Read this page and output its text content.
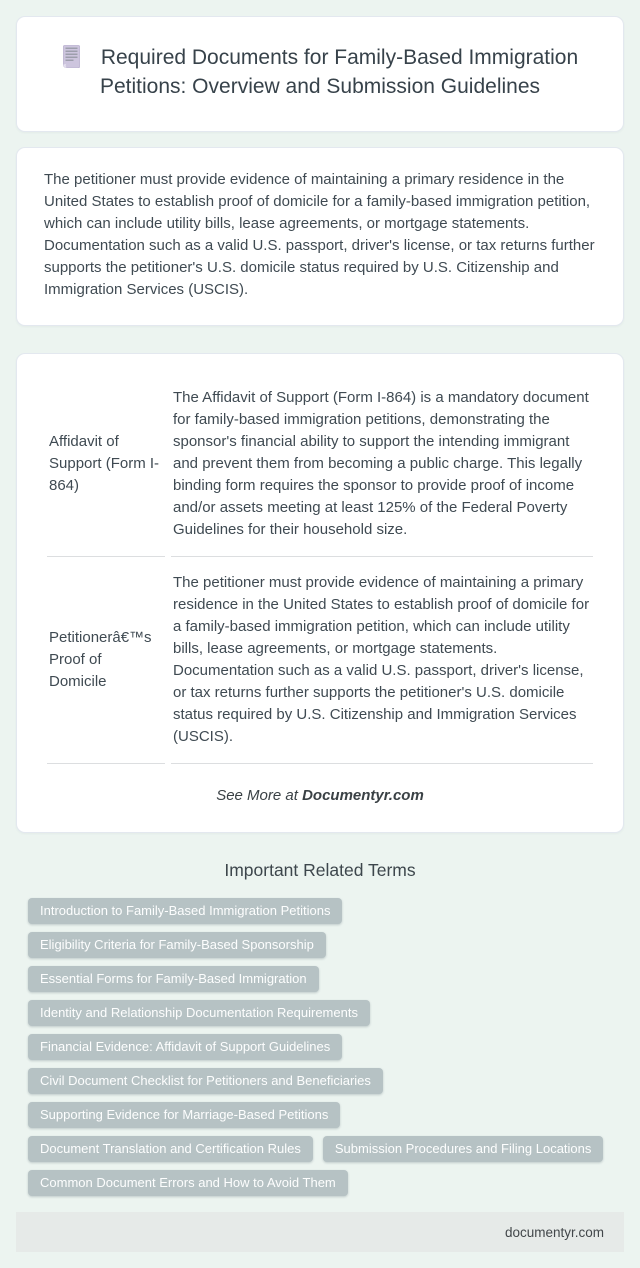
Required Documents for Family-Based Immigration Petitions: Overview and Submission Guidelines

The petitioner must provide evidence of maintaining a primary residence in the United States to establish proof of domicile for a family-based immigration petition, which can include utility bills, lease agreements, or mortgage statements. Documentation such as a valid U.S. passport, driver's license, or tax returns further supports the petitioner's U.S. domicile status required by U.S. Citizenship and Immigration Services (USCIS).

Affidavit of Support (Form I-864)	The Affidavit of Support (Form I-864) is a mandatory document for family-based immigration petitions, demonstrating the sponsor's financial ability to support the intending immigrant and prevent them from becoming a public charge. This legally binding form requires the sponsor to provide proof of income and/or assets meeting at least 125% of the Federal Poverty Guidelines for their household size.
Petitionerâ€™s Proof of Domicile	The petitioner must provide evidence of maintaining a primary residence in the United States to establish proof of domicile for a family-based immigration petition, which can include utility bills, lease agreements, or mortgage statements. Documentation such as a valid U.S. passport, driver's license, or tax returns further supports the petitioner's U.S. domicile status required by U.S. Citizenship and Immigration Services (USCIS).

See More at Documentyr.com

Important Related Terms
Introduction to Family-Based Immigration Petitions
Eligibility Criteria for Family-Based Sponsorship
Essential Forms for Family-Based Immigration
Identity and Relationship Documentation Requirements
Financial Evidence: Affidavit of Support Guidelines
Civil Document Checklist for Petitioners and Beneficiaries
Supporting Evidence for Marriage-Based Petitions
Document Translation and Certification Rules	Submission Procedures and Filing Locations
Common Document Errors and How to Avoid Them
documentyr.com
